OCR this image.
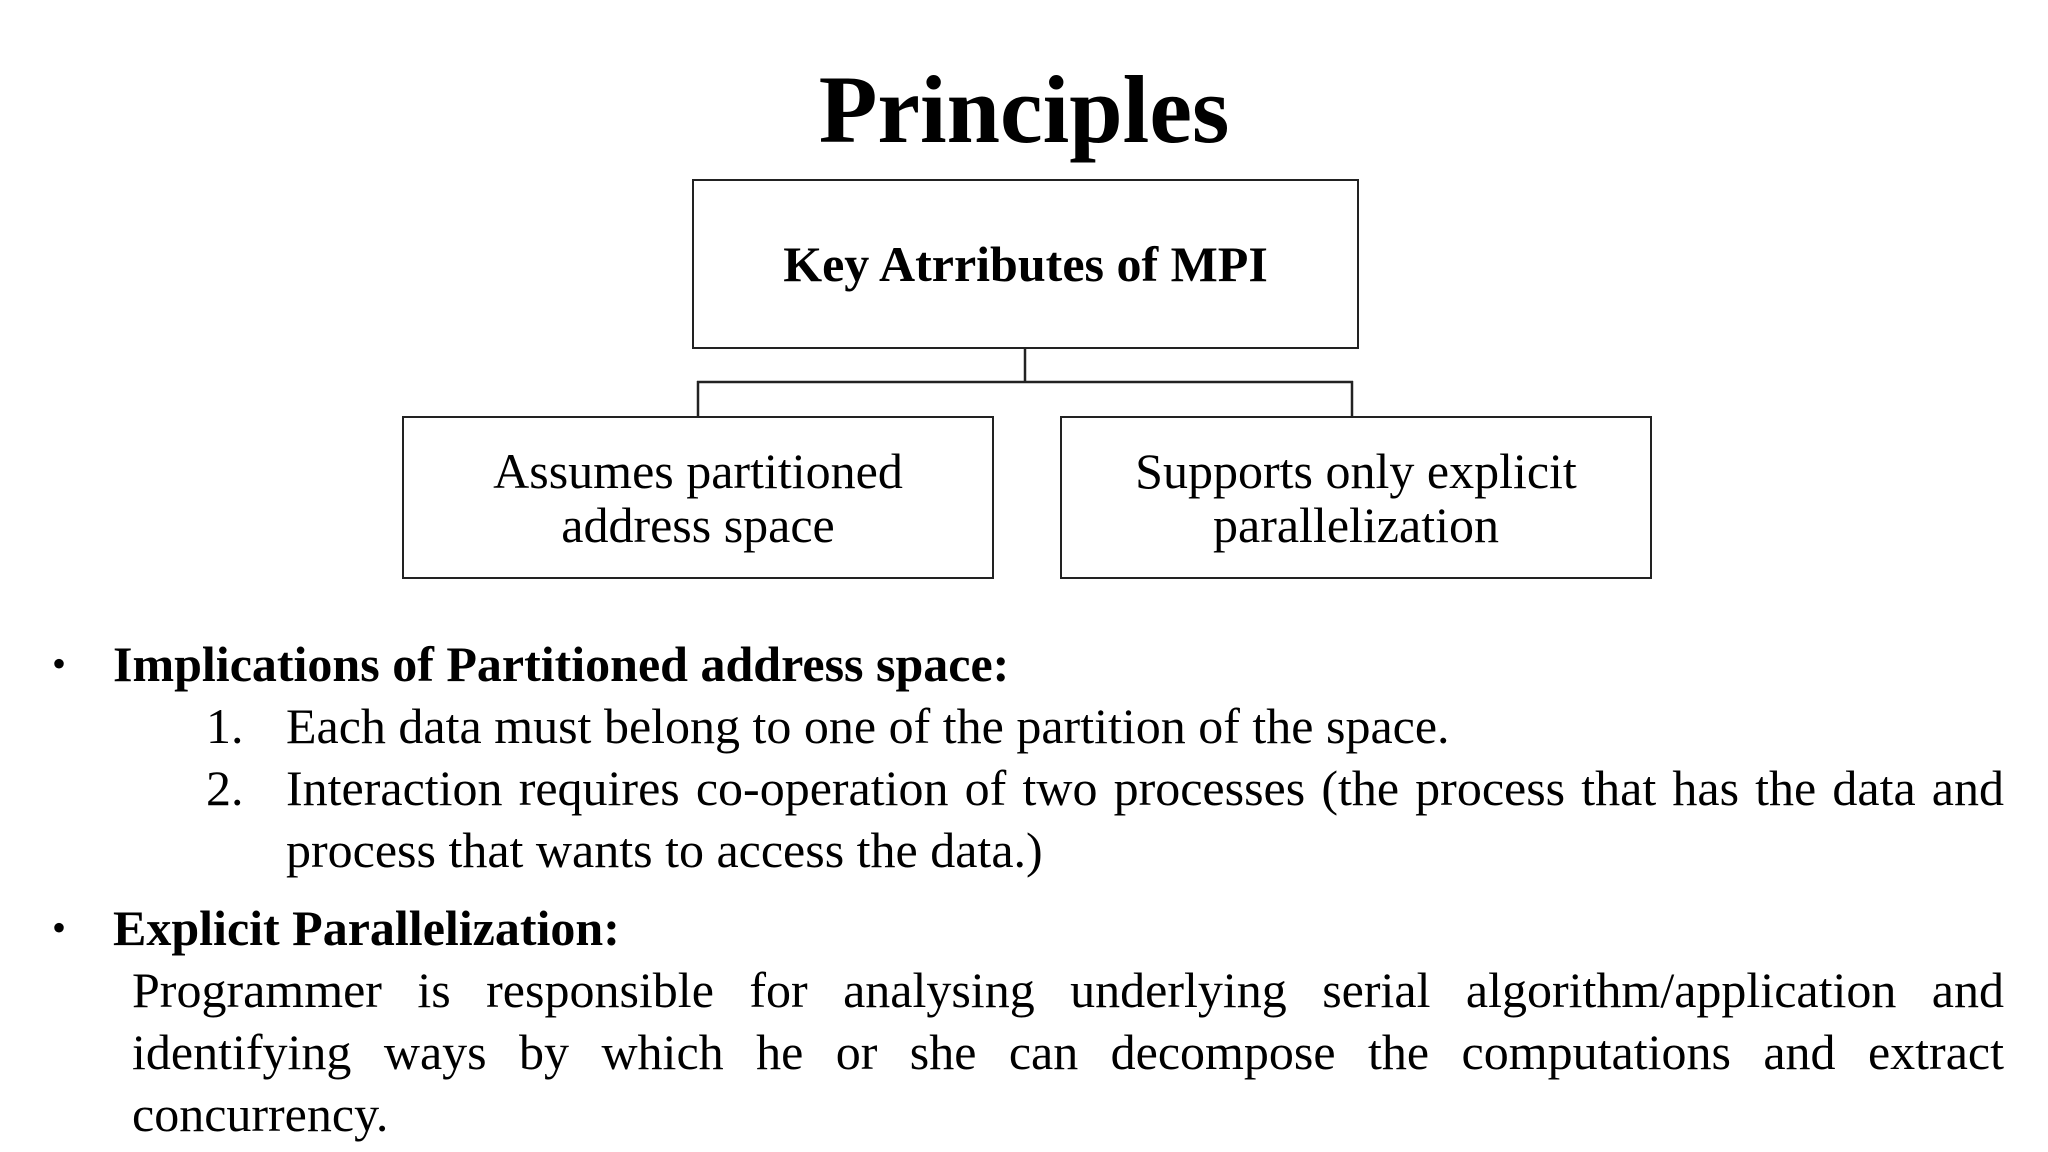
Principles
Key Atrributes of MPI
Assumes partitioned address space
Supports only explicit parallelization
• Implications of Partitioned address space:
1. Each data must belong to one of the partition of the space.
2. Interaction requires co-operation of two processes (the process that has the data and process that wants to access the data.)
• Explicit Parallelization:
Programmer is responsible for analysing underlying serial algorithm/application and identifying ways by which he or she can decompose the computations and extract concurrency.
